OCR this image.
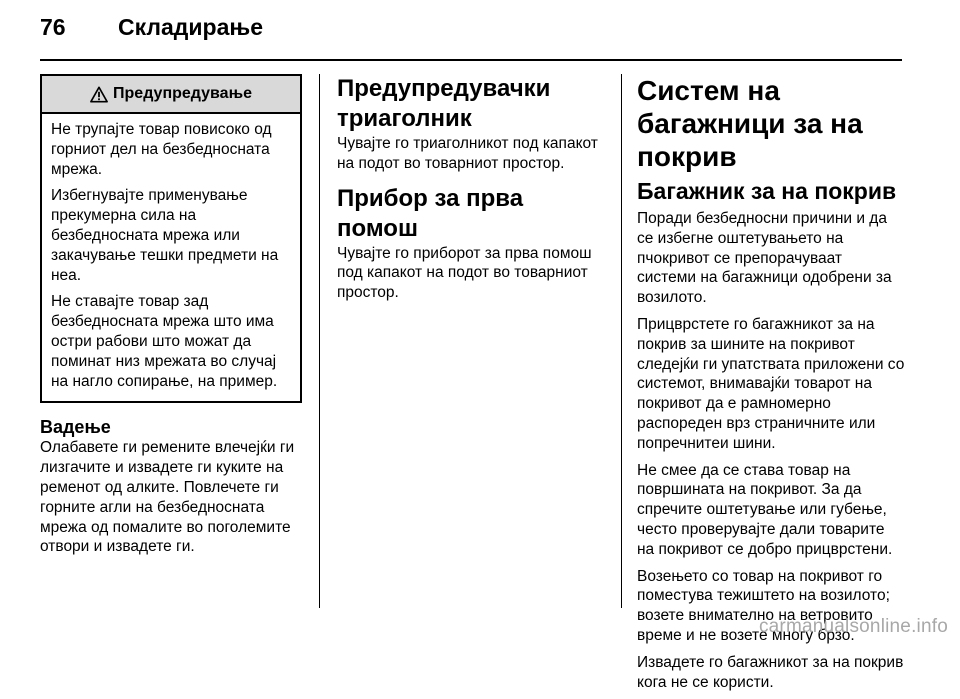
76 Складирање
Предупредување

Не трупајте товар повисоко од горниот дел на безбедносната мрежа.

Избегнувајте применување прекумерна сила на безбедносната мрежа или закачување тешки предмети на неа.

Не ставајте товар зад безбедносната мрежа што има остри рабови што можат да поминат низ мрежата во случај на нагло сопирање, на пример.

Вадење

Олабавете ги ремените влечејќи ги лизгачите и извадете ги куките на ременот од алките. Повлечете ги горните агли на безбедносната мрежа од помалите во поголемите отвори и извадете ги.

Предупредувачки триаголник

Чувајте го триаголникот под капакот на подот во товарниот простор.

Прибор за прва помош

Чувајте го приборот за прва помош под капакот на подот во товарниот простор.

Систем на багажници за на покрив
Багажник за на покрив

Поради безбедносни причини и да се избегне оштетувањето на пчокривот се препорачуваат системи на багажници одобрени за возилото.

Прицврстете го багажникот за на покрив за шините на покривот следејќи ги упатствата приложени со системот, внимавајќи товарот на покривот да е рамномерно распореден врз страничните или попречнитеи шини.

Не смее да се става товар на површината на покривот. За да спречите оштетување или губење, често проверувајте дали товарите на покривот се добро прицврстени.

Возењето со товар на покривот го поместува тежиштето на возилото; возете внимателно на ветровито време и не возете многу брзо.

Извадете го багажникот за на покрив кога не се користи.

carmanualsonline.info
